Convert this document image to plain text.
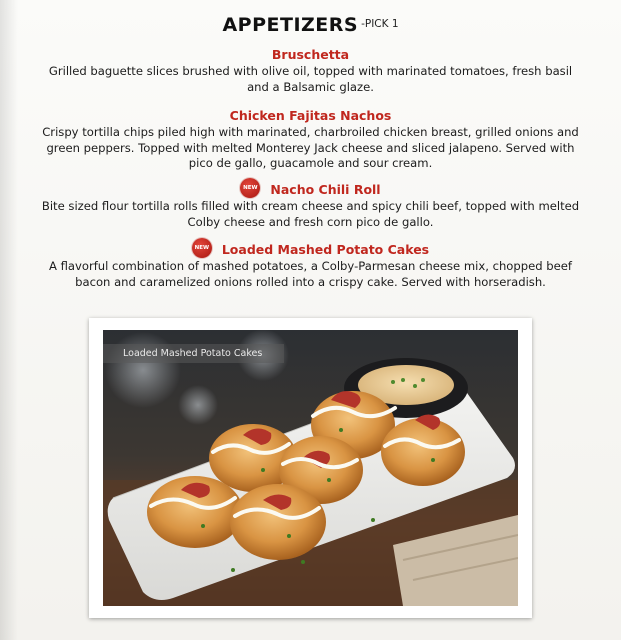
APPETIZERS $^{-PICK 1}$
Bruschetta

Grilled baguette slices brushed with olive oil, topped with marinated tomatoes, fresh basil and a Balsamic glaze.

Chicken Fajitas Nachos

Crispy tortilla chips piled high with marinated, charbroiled chicken breast, grilled onions and green peppers. Topped with melted Monterey Jack cheese and sliced jalapeno. Served with pico de gallo, guacamole and sour cream.

NEW Nacho Chili Roll

Bite sized flour tortilla rolls filled with cream cheese and spicy chili beef, topped with melted Colby cheese and fresh corn pico de gallo.

NEW Loaded Mashed Potato Cakes

A flavorful combination of mashed potatoes, a Colby-Parmesan cheese mix, chopped beef bacon and caramelized onions rolled into a crispy cake. Served with horseradish.

Loaded Mashed Potato Cakes
